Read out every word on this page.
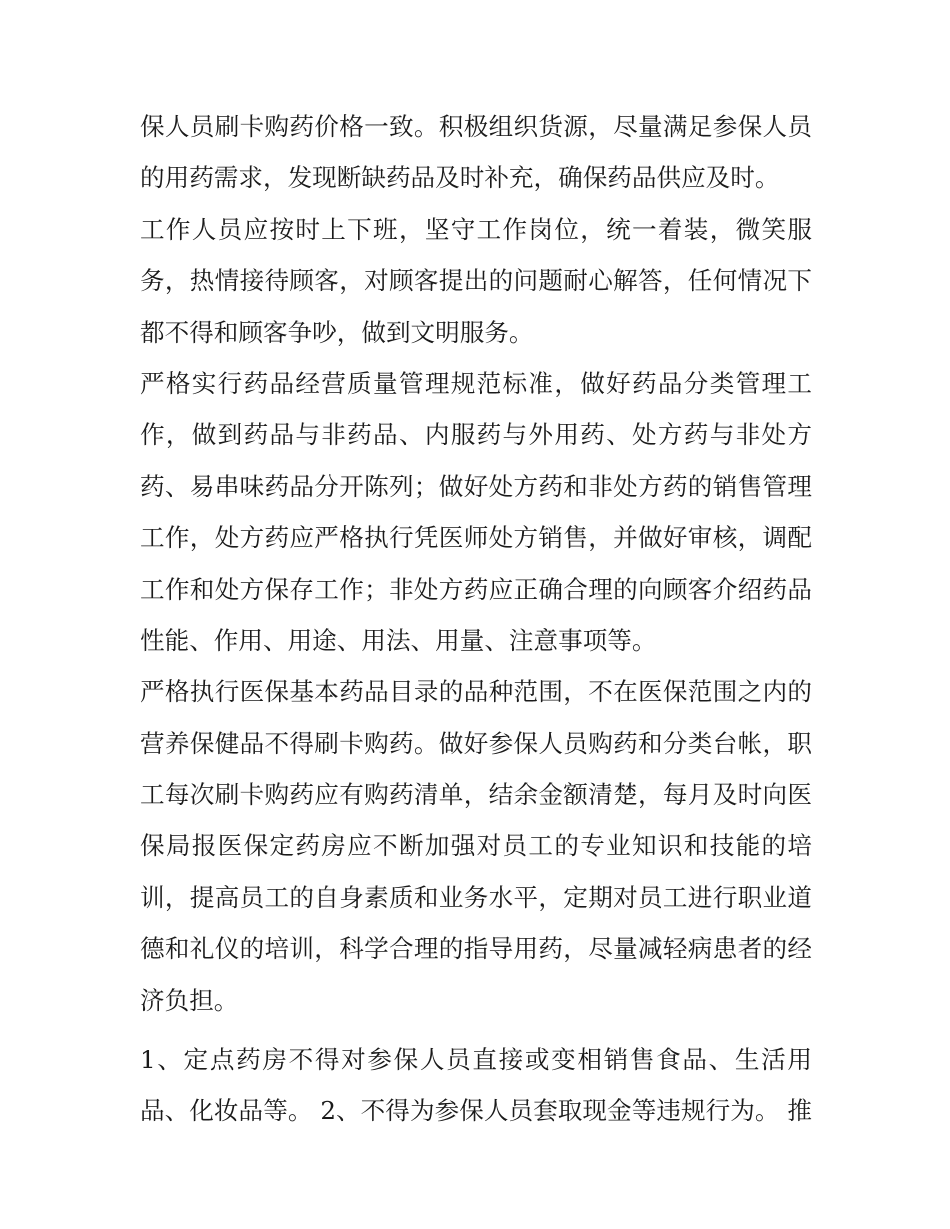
保人员刷卡购药价格一致。积极组织货源，尽量满足参保人员
的用药需求，发现断缺药品及时补充，确保药品供应及时。
工作人员应按时上下班，坚守工作岗位，统一着装，微笑服
务，热情接待顾客，对顾客提出的问题耐心解答，任何情况下
都不得和顾客争吵，做到文明服务。
严格实行药品经营质量管理规范标准，做好药品分类管理工
作，做到药品与非药品、内服药与外用药、处方药与非处方
药、易串味药品分开陈列；做好处方药和非处方药的销售管理
工作，处方药应严格执行凭医师处方销售，并做好审核，调配
工作和处方保存工作；非处方药应正确合理的向顾客介绍药品
性能、作用、用途、用法、用量、注意事项等。
严格执行医保基本药品目录的品种范围，不在医保范围之内的
营养保健品不得刷卡购药。做好参保人员购药和分类台帐，职
工每次刷卡购药应有购药清单，结余金额清楚，每月及时向医
保局报医保定药房应不断加强对员工的专业知识和技能的培
训，提高员工的自身素质和业务水平，定期对员工进行职业道
德和礼仪的培训，科学合理的指导用药，尽量减轻病患者的经
济负担。
1、定点药房不得对参保人员直接或变相销售食品、生活用
品、化妆品等。 2、不得为参保人员套取现金等违规行为。 推
